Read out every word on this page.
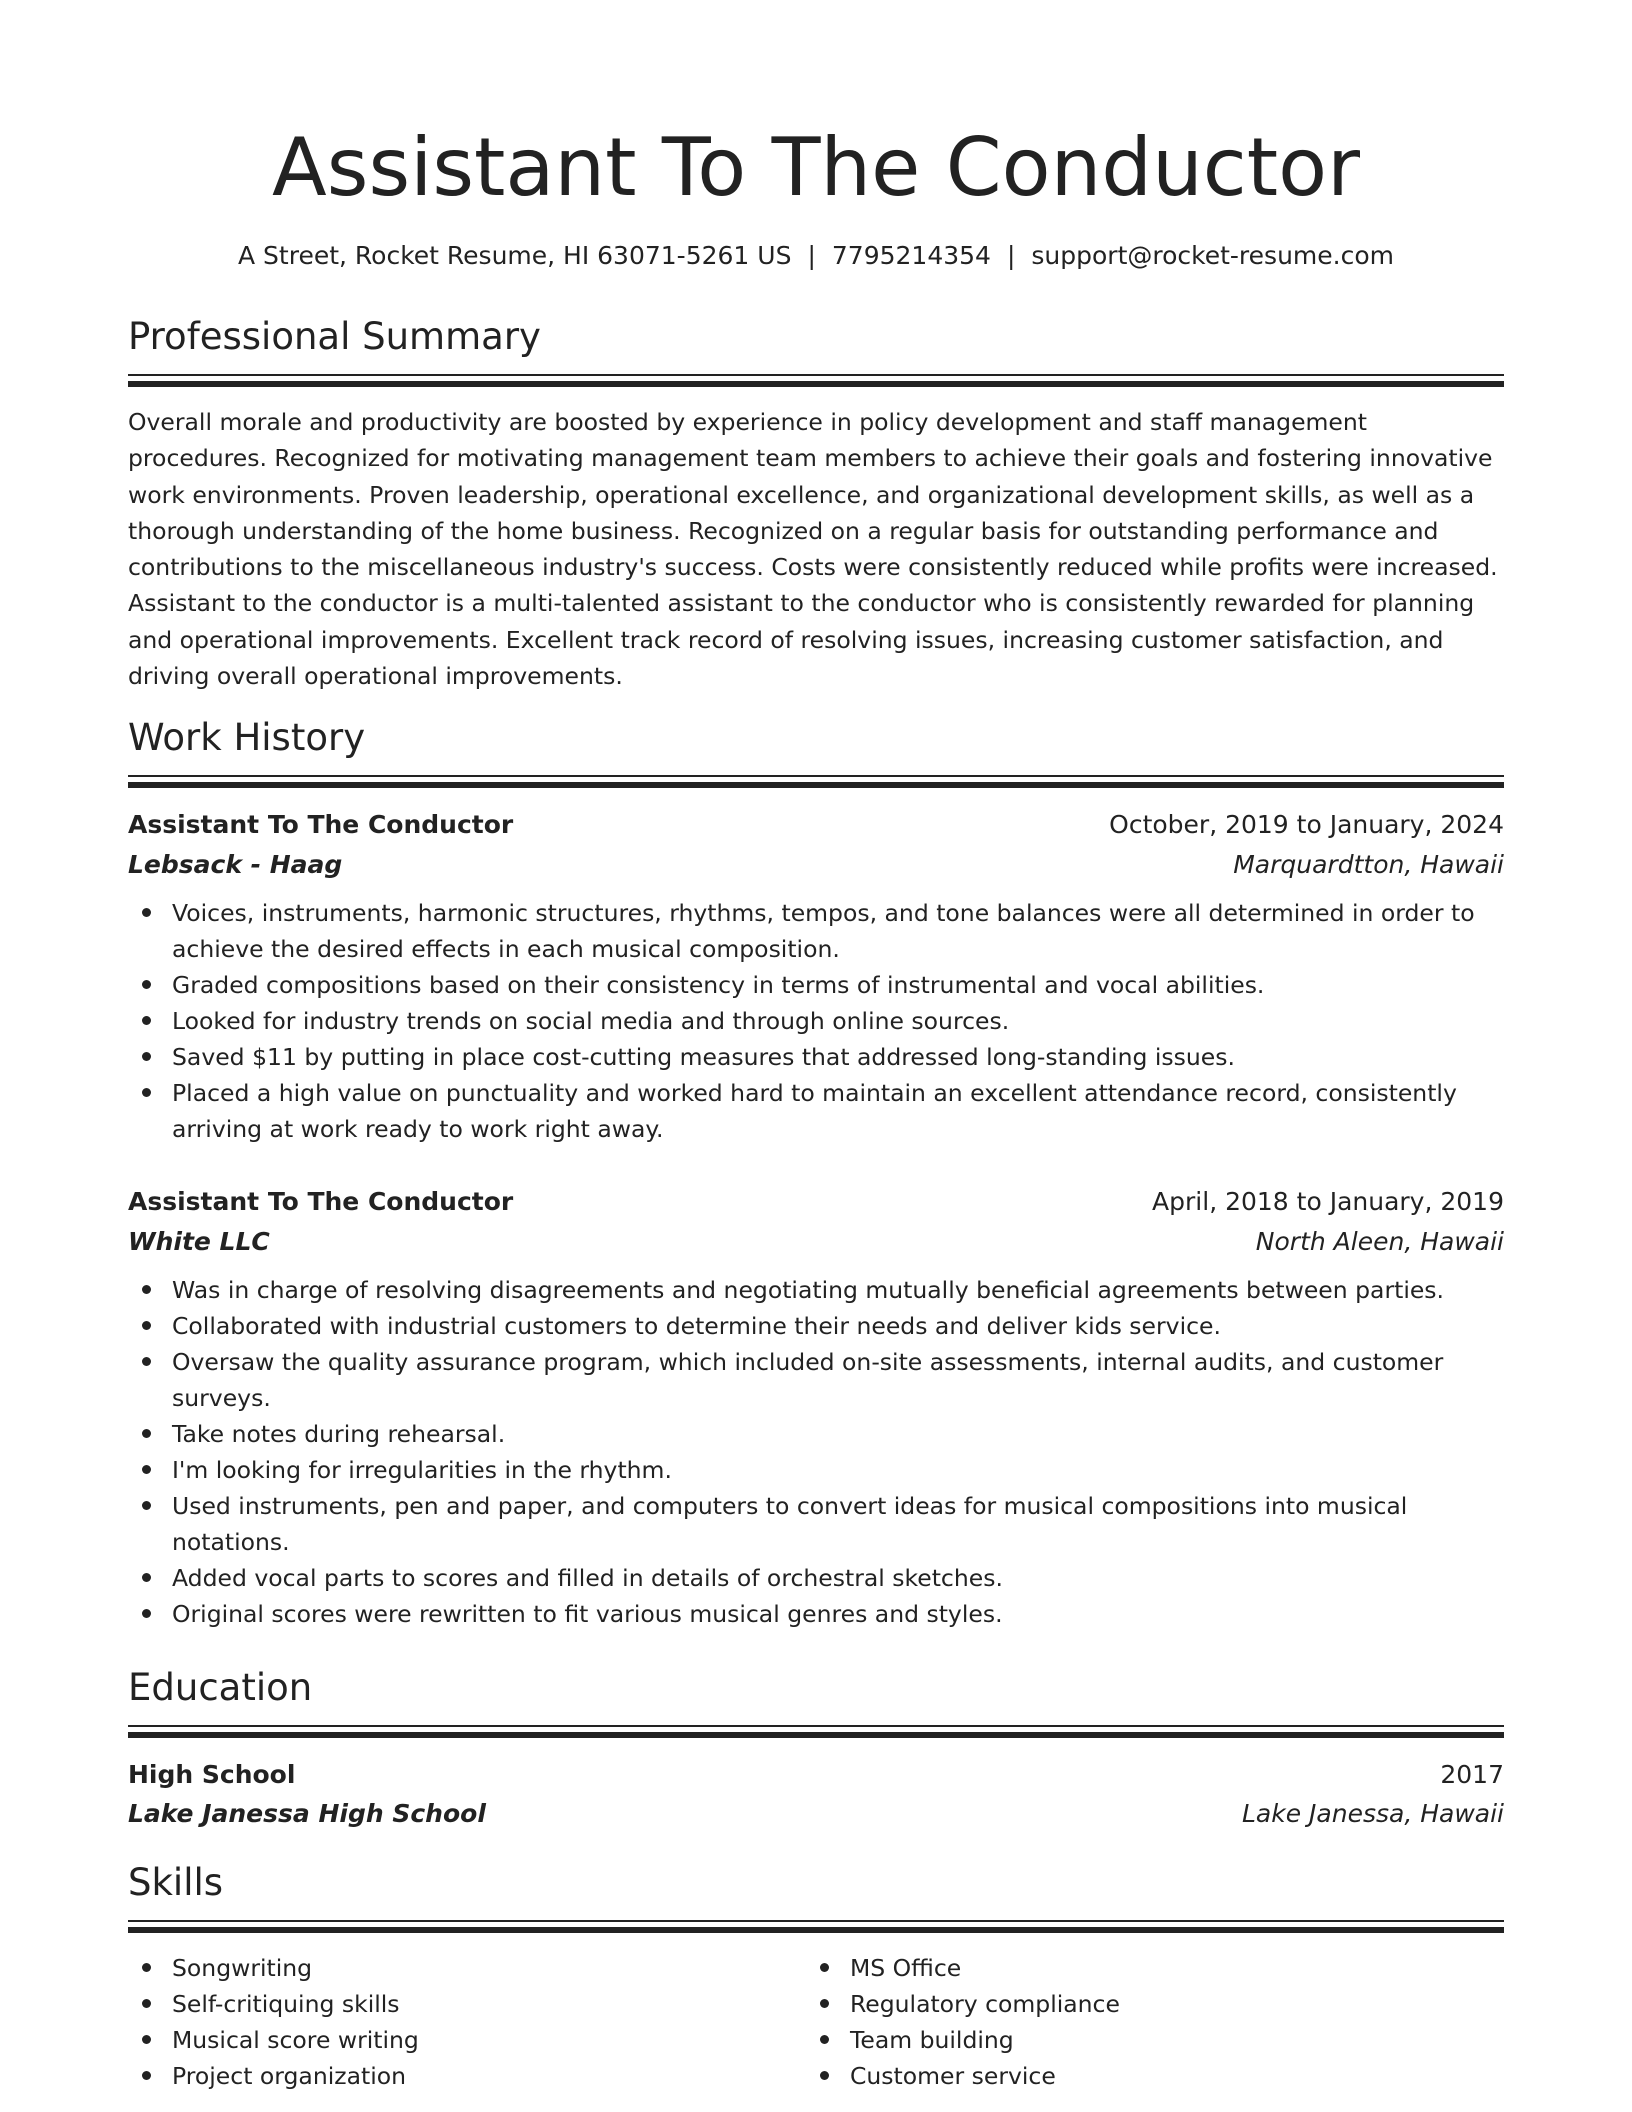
Assistant To The Conductor
A Street, Rocket Resume, HI 63071-5261 US | 7795214354 | support@rocket-resume.com
Professional Summary
Overall morale and productivity are boosted by experience in policy development and staff management procedures. Recognized for motivating management team members to achieve their goals and fostering innovative work environments. Proven leadership, operational excellence, and organizational development skills, as well as a thorough understanding of the home business. Recognized on a regular basis for outstanding performance and contributions to the miscellaneous industry's success. Costs were consistently reduced while profits were increased. Assistant to the conductor is a multi-talented assistant to the conductor who is consistently rewarded for planning and operational improvements. Excellent track record of resolving issues, increasing customer satisfaction, and driving overall operational improvements.
Work History
Assistant To The Conductor	October, 2019 to January, 2024
Lebsack - Haag	Marquardtton, Hawaii
Voices, instruments, harmonic structures, rhythms, tempos, and tone balances were all determined in order to achieve the desired effects in each musical composition.
Graded compositions based on their consistency in terms of instrumental and vocal abilities.
Looked for industry trends on social media and through online sources.
Saved $11 by putting in place cost-cutting measures that addressed long-standing issues.
Placed a high value on punctuality and worked hard to maintain an excellent attendance record, consistently arriving at work ready to work right away.
Assistant To The Conductor	April, 2018 to January, 2019
White LLC	North Aleen, Hawaii
Was in charge of resolving disagreements and negotiating mutually beneficial agreements between parties.
Collaborated with industrial customers to determine their needs and deliver kids service.
Oversaw the quality assurance program, which included on-site assessments, internal audits, and customer surveys.
Take notes during rehearsal.
I'm looking for irregularities in the rhythm.
Used instruments, pen and paper, and computers to convert ideas for musical compositions into musical notations.
Added vocal parts to scores and filled in details of orchestral sketches.
Original scores were rewritten to fit various musical genres and styles.
Education
High School	2017
Lake Janessa High School	Lake Janessa, Hawaii
Skills
Songwriting
Self-critiquing skills
Musical score writing
Project organization
MS Office
Regulatory compliance
Team building
Customer service
